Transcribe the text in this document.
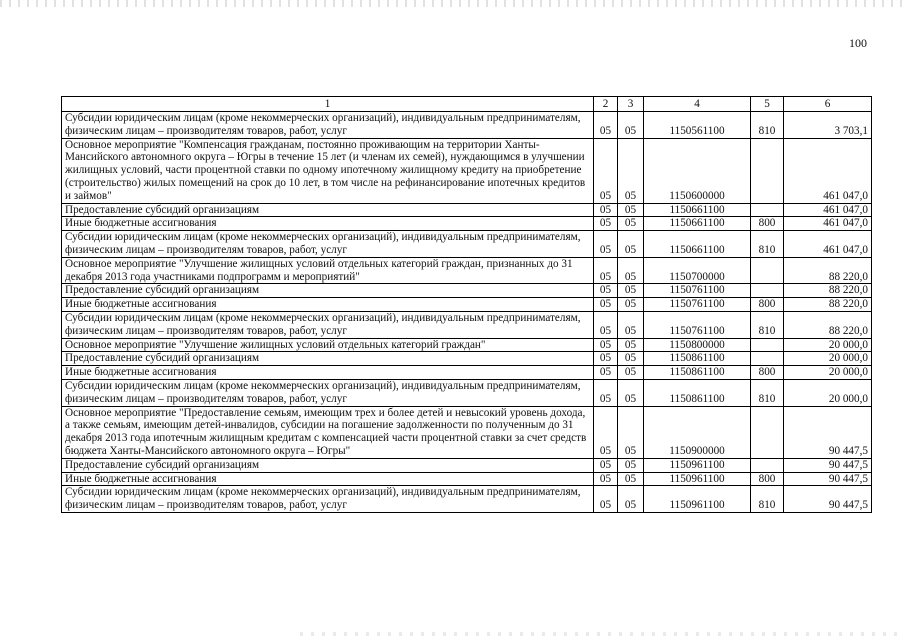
100
1	2	3	4	5	6
Субсидии юридическим лицам (кроме некоммерческих организаций), индивидуальным предпринимателям, физическим лицам – производителям товаров, работ, услуг	05	05	1150561100	810	3 703,1
Основное мероприятие "Компенсация гражданам, постоянно проживающим на территории Ханты-Мансийского автономного округа – Югры в течение 15 лет (и членам их семей), нуждающимся в улучшении жилищных условий, части процентной ставки по одному ипотечному жилищному кредиту на приобретение (строительство) жилых помещений на срок до 10 лет, в том числе на рефинансирование ипотечных кредитов и займов"	05	05	1150600000		461 047,0
Предоставление субсидий организациям	05	05	1150661100		461 047,0
Иные бюджетные ассигнования	05	05	1150661100	800	461 047,0
Субсидии юридическим лицам (кроме некоммерческих организаций), индивидуальным предпринимателям, физическим лицам – производителям товаров, работ, услуг	05	05	1150661100	810	461 047,0
Основное мероприятие "Улучшение жилищных условий отдельных категорий граждан, признанных до 31 декабря 2013 года участниками подпрограмм и мероприятий"	05	05	1150700000		88 220,0
Предоставление субсидий организациям	05	05	1150761100		88 220,0
Иные бюджетные ассигнования	05	05	1150761100	800	88 220,0
Субсидии юридическим лицам (кроме некоммерческих организаций), индивидуальным предпринимателям, физическим лицам – производителям товаров, работ, услуг	05	05	1150761100	810	88 220,0
Основное мероприятие "Улучшение жилищных условий отдельных категорий граждан"	05	05	1150800000		20 000,0
Предоставление субсидий организациям	05	05	1150861100		20 000,0
Иные бюджетные ассигнования	05	05	1150861100	800	20 000,0
Субсидии юридическим лицам (кроме некоммерческих организаций), индивидуальным предпринимателям, физическим лицам – производителям товаров, работ, услуг	05	05	1150861100	810	20 000,0
Основное мероприятие "Предоставление семьям, имеющим трех и более детей и невысокий уровень дохода, а также семьям, имеющим детей-инвалидов, субсидии на погашение задолженности по полученным до 31 декабря 2013 года ипотечным жилищным кредитам с компенсацией части процентной ставки за счет средств бюджета Ханты-Мансийского автономного округа – Югры"	05	05	1150900000		90 447,5
Предоставление субсидий организациям	05	05	1150961100		90 447,5
Иные бюджетные ассигнования	05	05	1150961100	800	90 447,5
Субсидии юридическим лицам (кроме некоммерческих организаций), индивидуальным предпринимателям, физическим лицам – производителям товаров, работ, услуг	05	05	1150961100	810	90 447,5
